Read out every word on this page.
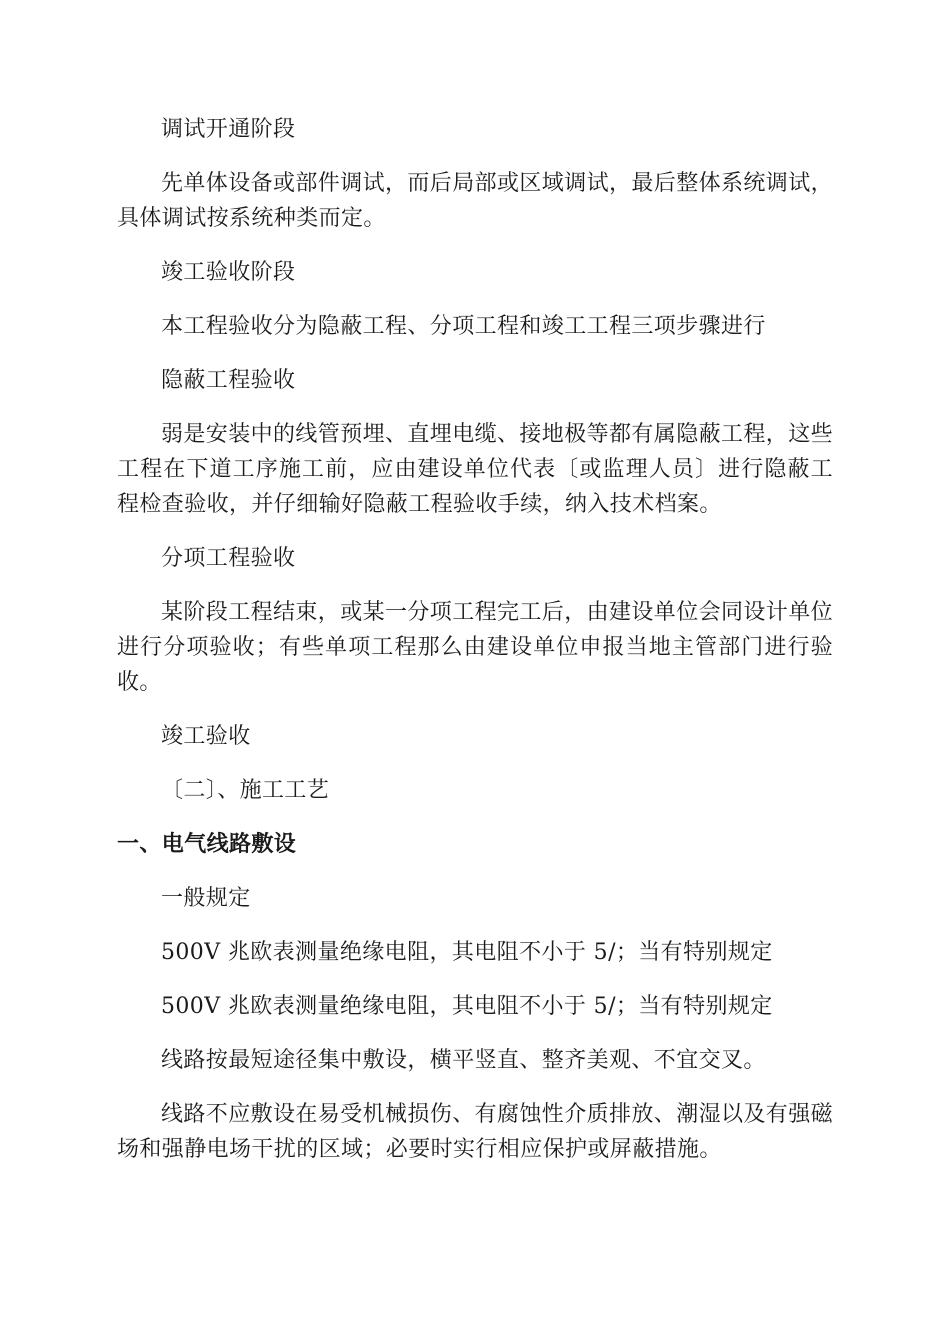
调试开通阶段

先单体设备或部件调试，而后局部或区域调试，最后整体系统调试，具体调试按系统种类而定。

竣工验收阶段

本工程验收分为隐蔽工程、分项工程和竣工工程三项步骤进行

隐蔽工程验收

弱是安装中的线管预埋、直埋电缆、接地极等都有属隐蔽工程，这些工程在下道工序施工前，应由建设单位代表〔或监理人员〕进行隐蔽工程检查验收，并仔细输好隐蔽工程验收手续，纳入技术档案。

分项工程验收

某阶段工程结束，或某一分项工程完工后，由建设单位会同设计单位进行分项验收；有些单项工程那么由建设单位申报当地主管部门进行验收。

竣工验收

〔二〕、施工工艺

一、电气线路敷设

一般规定

500V 兆欧表测量绝缘电阻，其电阻不小于 5/；当有特别规定

500V 兆欧表测量绝缘电阻，其电阻不小于 5/；当有特别规定

线路按最短途径集中敷设，横平竖直、整齐美观、不宜交叉。

线路不应敷设在易受机械损伤、有腐蚀性介质排放、潮湿以及有强磁场和强静电场干扰的区域；必要时实行相应保护或屏蔽措施。
